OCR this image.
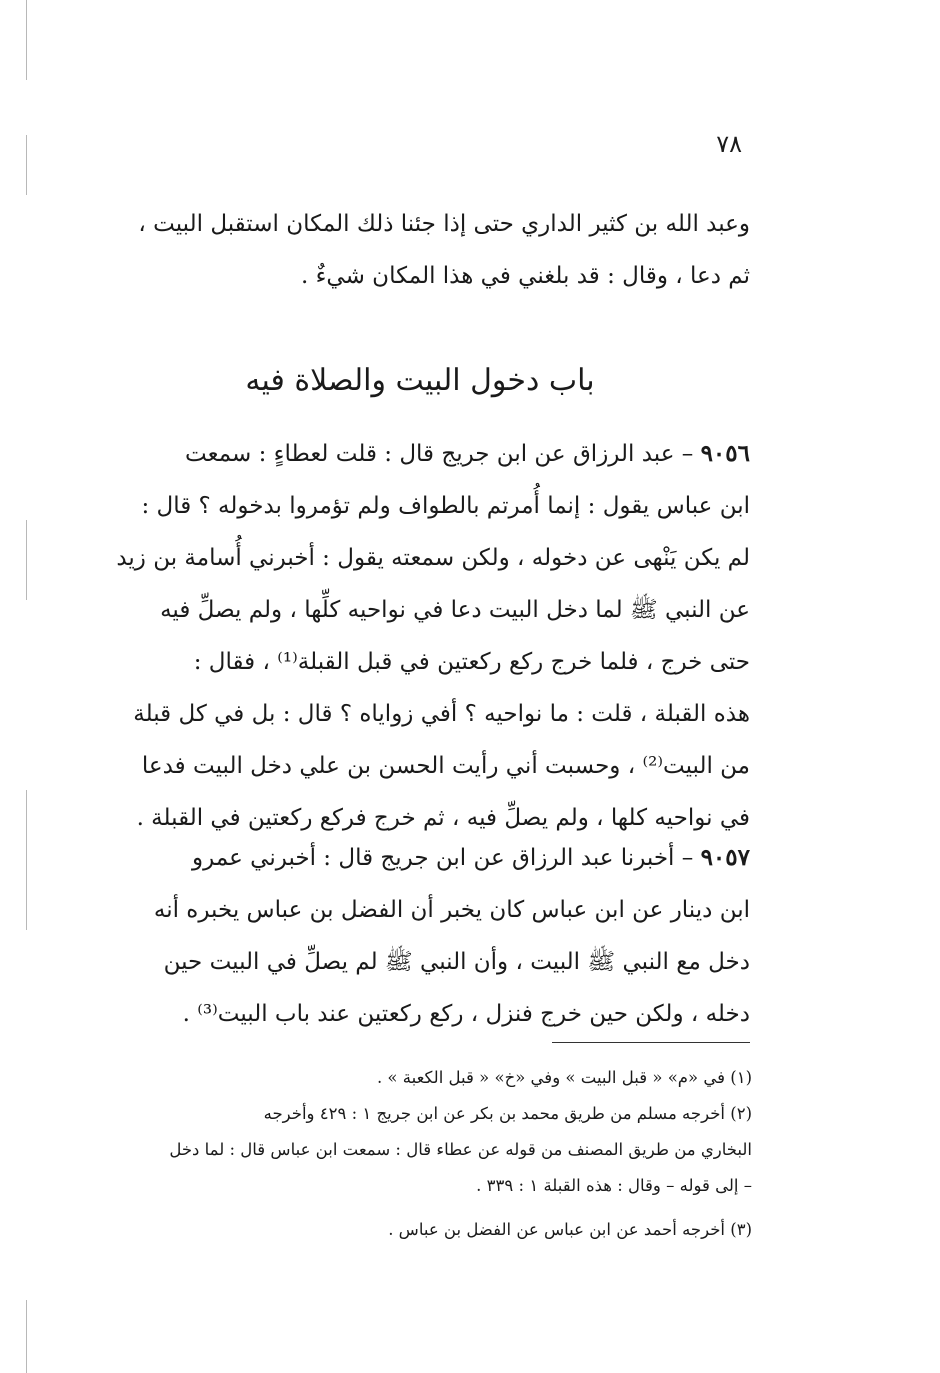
٧٨
وعبد الله بن كثير الداري حتى إذا جئنا ذلك المكان استقبل البيت ،
ثم دعا ، وقال : قد بلغني في هذا المكان شيءٌ .
باب دخول البيت والصلاة فيه
٩٠٥٦ – عبد الرزاق عن ابن جريج قال : قلت لعطاءٍ : سمعت
ابن عباس يقول : إنما أُمرتم بالطواف ولم تؤمروا بدخوله ؟ قال :
لم يكن يَنْهى عن دخوله ، ولكن سمعته يقول : أخبرني أُسامة بن زيد
عن النبي ﷺ لما دخل البيت دعا في نواحيه كلِّها ، ولم يصلِّ فيه
حتى خرج ، فلما خرج ركع ركعتين في قبل القبلة⁽¹⁾ ، فقال :
هذه القبلة ، قلت : ما نواحيه ؟ أفي زواياه ؟ قال : بل في كل قبلة
من البيت⁽²⁾ ، وحسبت أني رأيت الحسن بن علي دخل البيت فدعا
في نواحيه كلها ، ولم يصلِّ فيه ، ثم خرج فركع ركعتين في القبلة .
٩٠٥٧ – أخبرنا عبد الرزاق عن ابن جريج قال : أخبرني عمرو
ابن دينار عن ابن عباس كان يخبر أن الفضل بن عباس يخبره أنه
دخل مع النبي ﷺ البيت ، وأن النبي ﷺ لم يصلِّ في البيت حين
دخله ، ولكن حين خرج فنزل ، ركع ركعتين عند باب البيت⁽³⁾ .
(١) في «م» « قبل البيت » وفي «خ» « قبل الكعبة » .
(٢) أخرجه مسلم من طريق محمد بن بكر عن ابن جريج ١ : ٤٢٩ وأخرجه
البخاري من طريق المصنف من قوله عن عطاء قال : سمعت ابن عباس قال : لما دخل
– إلى قوله – وقال : هذه القبلة ١ : ٣٣٩ .
(٣) أخرجه أحمد عن ابن عباس عن الفضل بن عباس .
